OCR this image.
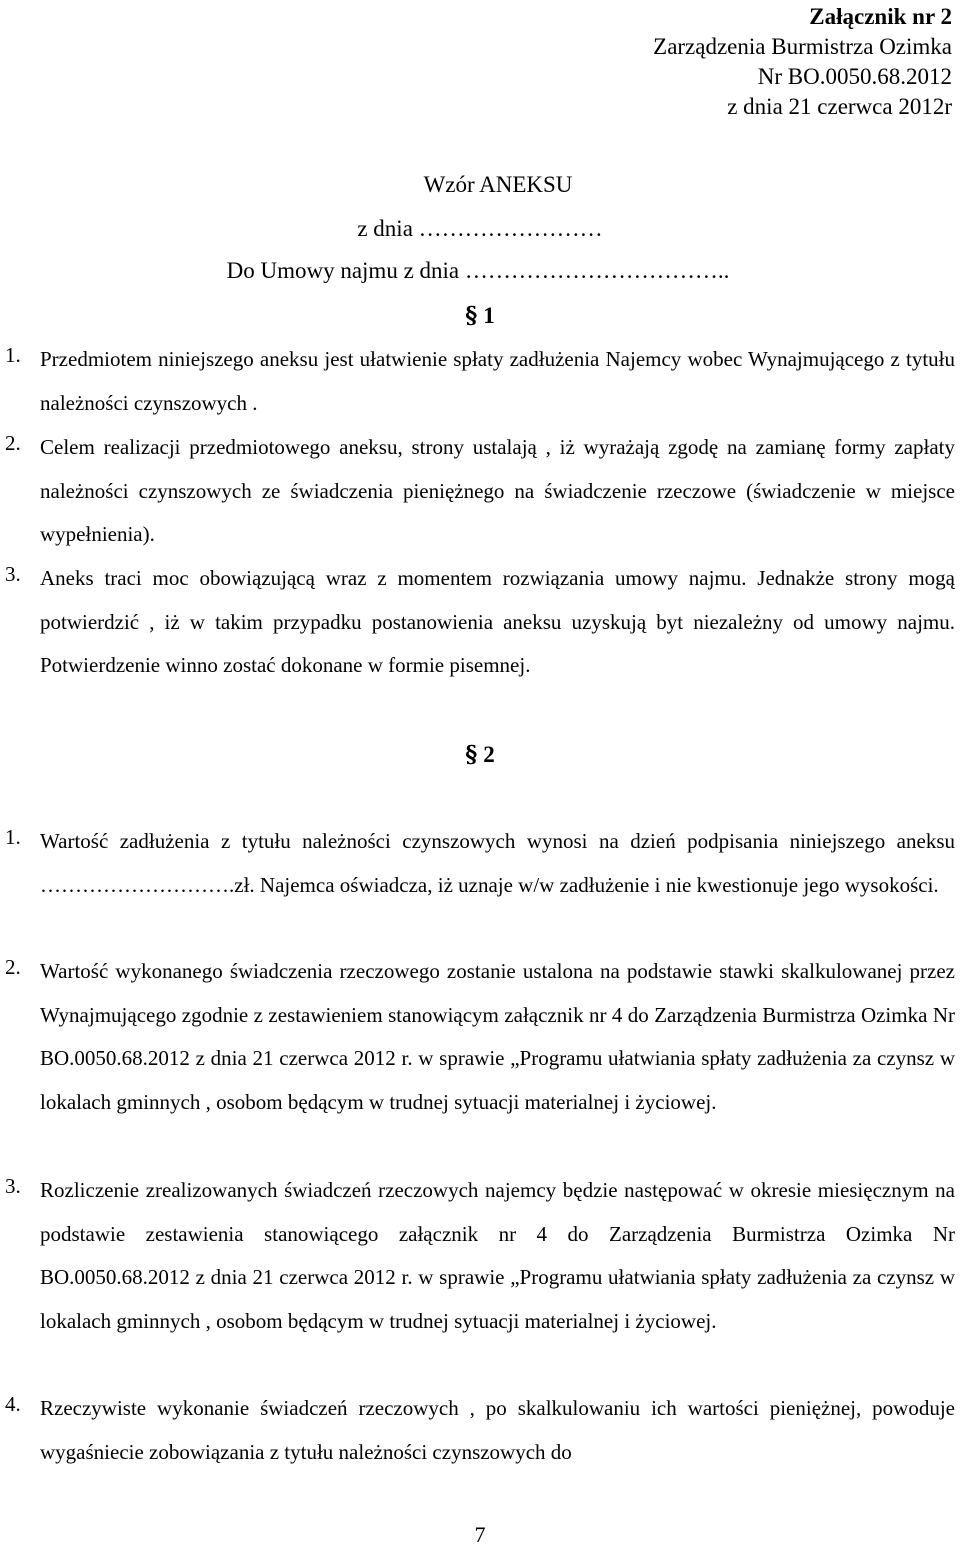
Załącznik nr 2
Zarządzenia Burmistrza Ozimka
Nr BO.0050.68.2012
z dnia 21 czerwca 2012r
Wzór ANEKSU
z dnia ……………………
Do Umowy najmu z dnia ……………………………..
§ 1
1. Przedmiotem niniejszego aneksu jest ułatwienie spłaty zadłużenia Najemcy wobec Wynajmującego z tytułu należności czynszowych .
2. Celem realizacji przedmiotowego aneksu, strony ustalają , iż wyrażają zgodę na zamianę formy zapłaty należności czynszowych ze świadczenia pieniężnego na świadczenie rzeczowe (świadczenie w miejsce wypełnienia).
3. Aneks traci moc obowiązującą wraz z momentem rozwiązania umowy najmu. Jednakże strony mogą potwierdzić , iż w takim przypadku postanowienia aneksu uzyskują byt niezależny od umowy najmu. Potwierdzenie winno zostać dokonane w formie pisemnej.
§ 2
1. Wartość zadłużenia z tytułu należności czynszowych wynosi na dzień podpisania niniejszego aneksu ……………………….zł. Najemca oświadcza, iż uznaje w/w zadłużenie i nie kwestionuje jego wysokości.
2. Wartość wykonanego świadczenia rzeczowego zostanie ustalona na podstawie stawki skalkulowanej przez Wynajmującego zgodnie z zestawieniem stanowiącym załącznik nr 4 do Zarządzenia Burmistrza Ozimka Nr BO.0050.68.2012 z dnia 21 czerwca 2012 r. w sprawie „Programu ułatwiania spłaty zadłużenia za czynsz w lokalach gminnych , osobom będącym w trudnej sytuacji materialnej i życiowej.
3. Rozliczenie zrealizowanych świadczeń rzeczowych najemcy będzie następować w okresie miesięcznym na podstawie zestawienia stanowiącego załącznik nr 4 do Zarządzenia Burmistrza Ozimka Nr BO.0050.68.2012 z dnia 21 czerwca 2012 r. w sprawie „Programu ułatwiania spłaty zadłużenia za czynsz w lokalach gminnych , osobom będącym w trudnej sytuacji materialnej i życiowej.
4. Rzeczywiste wykonanie świadczeń rzeczowych , po skalkulowaniu ich wartości pieniężnej, powoduje wygaśniecie zobowiązania z tytułu należności czynszowych do
7
